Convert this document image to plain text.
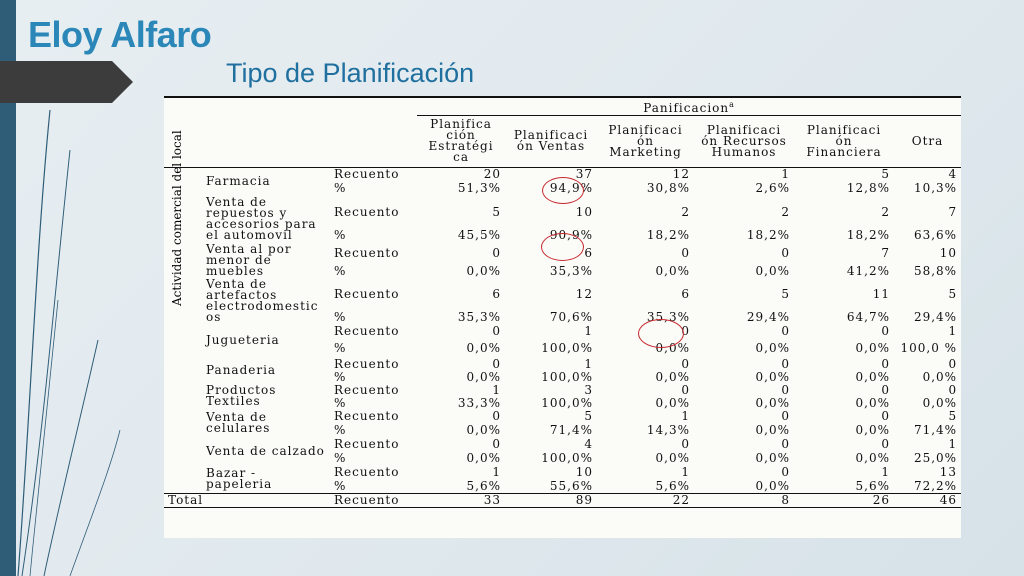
Eloy Alfaro
Tipo de Planificación
			Panificacion$^a$
			Planifica ción Estratégi ca	Planificaci ón Ventas	Planificaci ón Marketing	Planificaci ón Recursos Humanos	Planificaci ón Financiera	Otra
	Farmacia	Recuento	20	37	12	1	5	4
		%	51,3%	94,9%	30,8%	2,6%	12,8%	10,3%
	Venta de repuestos y accesorios para el automovil	Recuento	5	10	2	2	2	7
		%	45,5%	90,9%	18,2%	18,2%	18,2%	63,6%
	Venta al por menor de muebles	Recuento	0	6	0	0	7	10
		%	0,0%	35,3%	0,0%	0,0%	41,2%	58,8%
	Venta de artefactos electrodomestic os	Recuento	6	12	6	5	11	5
		%	35,3%	70,6%	35,3%	29,4%	64,7%	29,4%
	Jugueteria	Recuento	0	1	0	0	0	1
		%	0,0%	100,0%	0,0%	0,0%	0,0%	100,0 %
	Panaderia	Recuento	0	1	0	0	0	0
		%	0,0%	100,0%	0,0%	0,0%	0,0%	0,0%
	Productos Textiles	Recuento	1	3	0	0	0	0
		%	33,3%	100,0%	0,0%	0,0%	0,0%	0,0%
	Venta de celulares	Recuento	0	5	1	0	0	5
		%	0,0%	71,4%	14,3%	0,0%	0,0%	71,4%
	Venta de calzado	Recuento	0	4	0	0	0	1
		%	0,0%	100,0%	0,0%	0,0%	0,0%	25,0%
	Bazar - papeleria	Recuento	1	10	1	0	1	13
		%	5,6%	55,6%	5,6%	0,0%	5,6%	72,2%
Total		Recuento	33	89	22	8	26	46
Actividad comercial del local
